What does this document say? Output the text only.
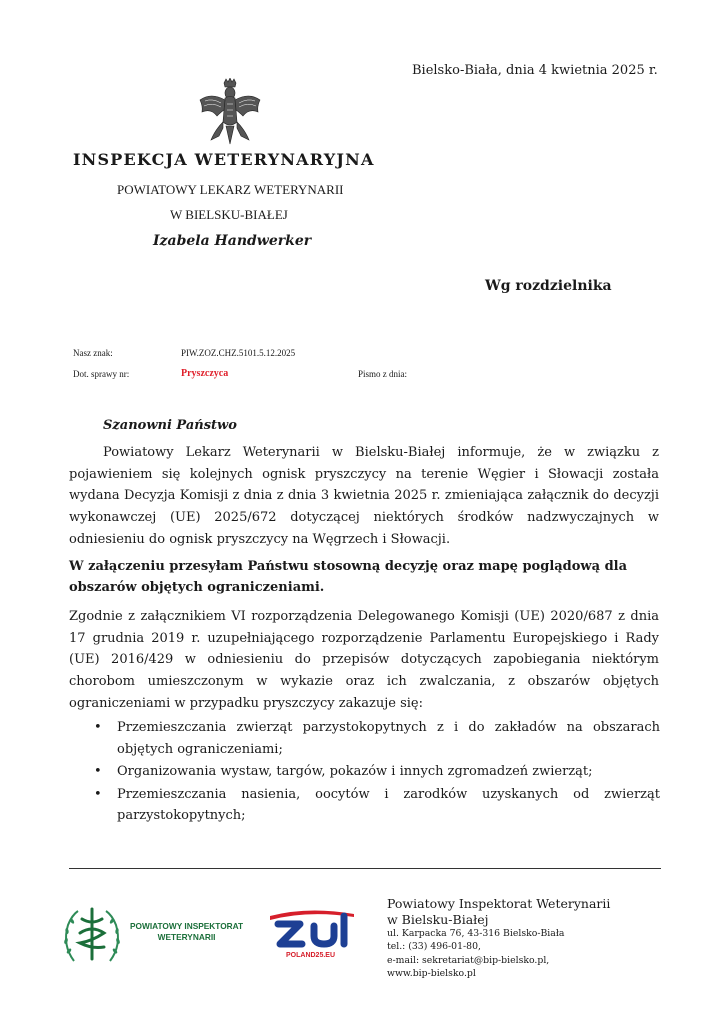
Bielsko-Biała, dnia 4 kwietnia 2025 r.
INSPEKCJA WETERYNARYJNA
POWIATOWY LEKARZ WETERYNARII
W BIELSKU-BIAŁEJ
Izabela Handwerker
Wg rozdzielnika
Nasz znak:	PIW.ZOZ.CHZ.5101.5.12.2025
Dot. sprawy nr:	Pryszczyca	Pismo z dnia:
Szanowni Państwo
Powiatowy Lekarz Weterynarii w Bielsku-Białej informuje, że w związku z pojawieniem się kolejnych ognisk pryszczycy na terenie Węgier i Słowacji została wydana Decyzja Komisji z dnia z dnia 3 kwietnia 2025 r. zmieniająca załącznik do decyzji wykonawczej (UE) 2025/672 dotyczącej niektórych środków nadzwyczajnych w odniesieniu do ognisk pryszczycy na Węgrzech i Słowacji.
W załączeniu przesyłam Państwu stosowną decyzję oraz mapę poglądową dla obszarów objętych ograniczeniami.
Zgodnie z załącznikiem VI rozporządzenia Delegowanego Komisji (UE) 2020/687 z dnia 17 grudnia 2019 r. uzupełniającego rozporządzenie Parlamentu Europejskiego i Rady (UE) 2016/429 w odniesieniu do przepisów dotyczących zapobiegania niektórym chorobom umieszczonym w wykazie oraz ich zwalczania, z obszarów objętych ograniczeniami w przypadku pryszczycy zakazuje się:
• Przemieszczania zwierząt parzystokopytnych z i do zakładów na obszarach objętych ograniczeniami;
• Organizowania wystaw, targów, pokazów i innych zgromadzeń zwierząt;
• Przemieszczania nasienia, oocytów i zarodków uzyskanych od zwierząt parzystokopytnych;
POWIATOWY INSPEKTORAT
WETERYNARII
POLAND25.EU
Powiatowy Inspektorat Weterynarii
w Bielsku-Białej
ul. Karpacka 76, 43-316 Bielsko-Biała
tel.: (33) 496-01-80,
e-mail: sekretariat@bip-bielsko.pl,
www.bip-bielsko.pl
